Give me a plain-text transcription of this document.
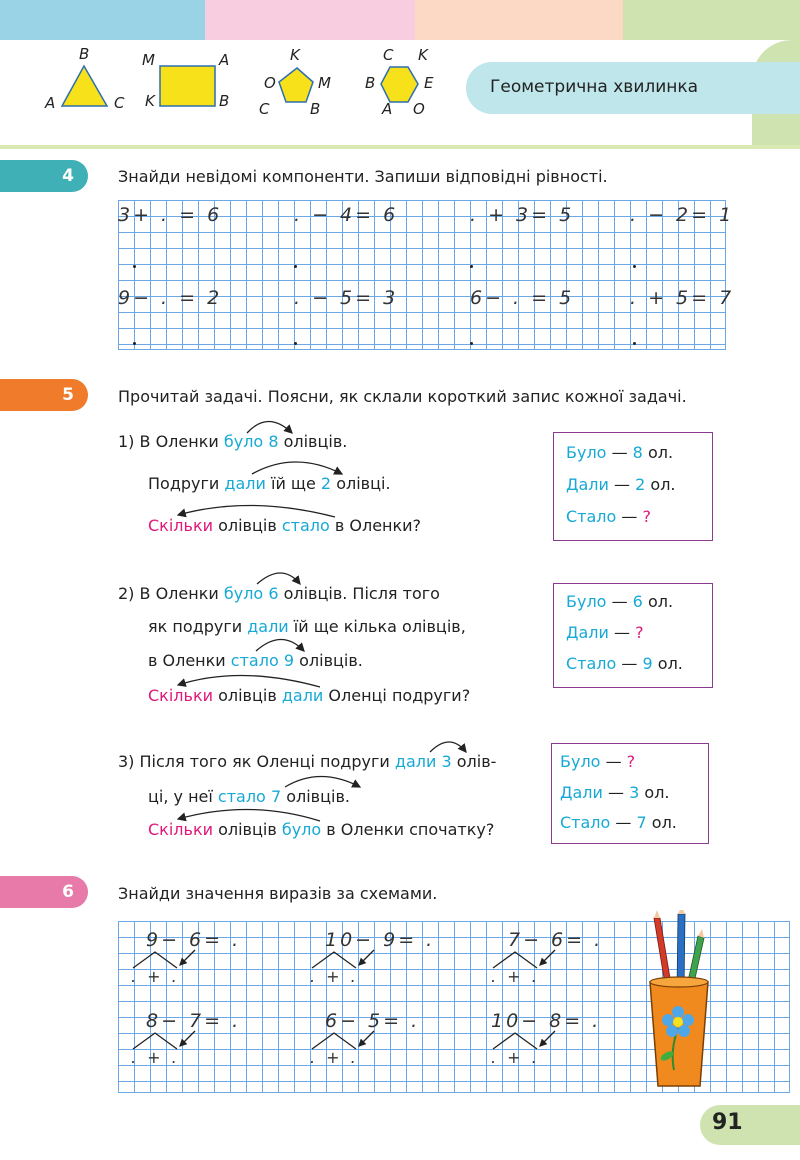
B
A	C
M	A
K	B
K
O	M
C	B
C K
B	E
A O
Геометрична хвилинка
4	Знайди невідомі компоненти. Запиши відповідні рівності.
3+ . = 6	. − 4= 6	. + 3= 5	. − 2= 1
9− . = 2	. − 5= 3	6− . = 5	. + 5= 7
5	Прочитай задачі. Поясни, як склали короткий запис кожної задачі.
1) В Оленки було 8 олівців.
Подруги дали їй ще 2 олівці.
Скільки олівців стало в Оленки?
2) В Оленки було 6 олівців. Після того
як подруги дали їй ще кілька олівців,
в Оленки стало 9 олівців.
Скільки олівців дали Оленці подруги?
3) Після того як Оленці подруги дали 3 олів-
ці, у неї стало 7 олівців.
Скільки олівців було в Оленки спочатку?
Було — 8 ол.
Дали — 2 ол.
Стало — ?
Було — 6 ол.
Дали — ?
Стало — 9 ол.
Було — ?
Дали — 3 ол.
Стало — 7 ол.
6	Знайди значення виразів за схемами.
9− 6= .	10− 9= .	7− 6= .
8− 7= .	6− 5= .	10− 8= .
. + .	. + .	. + .
. + .	. + .	. + .
91
